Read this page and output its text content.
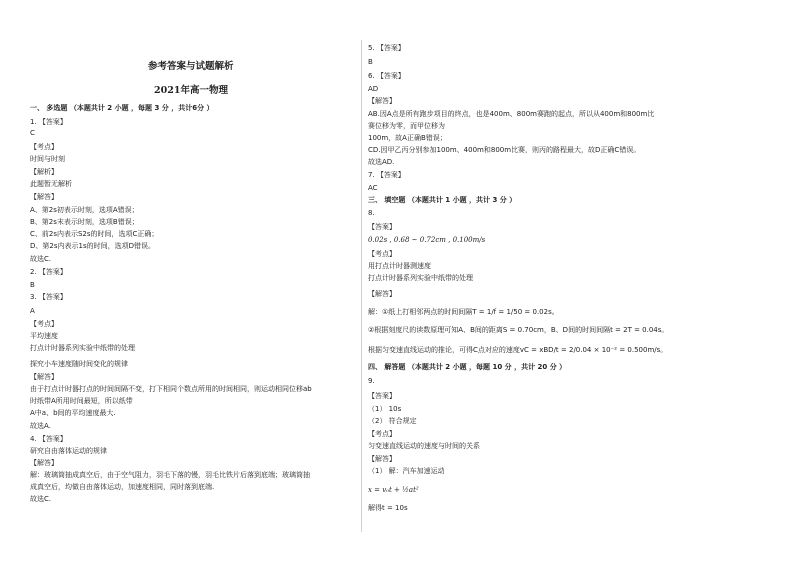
参考答案与试题解析
2021年高一物理
一、 多选题 （本题共计 2 小题 ，每题 3 分 ，共计6分 ）
1. 【答案】
C
【考点】
时间与时刻
【解析】
此题暂无解析
【解答】
A、第2s初表示时刻，选项A错误；
B、第2s末表示时刻，选项B错误；
C、前2s内表示S2s的时间，选项C正确；
D、第2s内表示1s的时间，选项D错误。
故选C.
2. 【答案】
B
3. 【答案】
A
【考点】
平均速度
打点计时器系列实验中纸带的处理
探究小车速度随时间变化的规律
【解答】
由于打点计时器打点的时间间隔不变，打下相同个数点所用的时间相同，则运动相同位移ab
时纸带A所用时间最短，所以纸带
A中a、b间的平均速度最大.
故选A.
4. 【答案】
研究自由落体运动的规律
【解答】
解：玻璃筒抽成真空后，由于空气阻力，羽毛下落的慢，羽毛比铁片后落到底端；玻璃筒抽
成真空后，均做自由落体运动，加速度相同，同时落到底端.
故选C.
5. 【答案】
B
6. 【答案】
AD
【解答】
AB.因A点是所有跑步项目的终点，也是400m、800m赛跑的起点，所以从400m和800m比
赛位移为零，而甲位移为
100m，故A正确B错误；
CD.因甲乙丙分别参加100m、400m和800m比赛，则丙的路程最大，故D正确C错误。
故选AD.
7. 【答案】
AC
三、 填空题 （本题共计 1 小题 ，共计 3 分 ）
8.
【答案】
0.02s , 0.68 ~ 0.72cm , 0.100m/s
【考点】
用打点计时器测速度
打点计时器系列实验中纸带的处理
【解答】
解：①纸上打相邻两点的时间间隔T = 1/f = 1/50 = 0.02s。
②根据刻度尺的读数原理可知A、B间的距离S = 0.70cm，B、D间的时间间隔t = 2T = 0.04s。
根据匀变速直线运动的推论，可得C点对应的速度vC = xBD/t = 2/0.04 × 10⁻² = 0.500m/s。
四、 解答题 （本题共计 2 小题 ，每题 10 分 ，共计 20 分 ）
9.
【答案】
（1） 10s
（2） 符合规定
【考点】
匀变速直线运动的速度与时间的关系
【解答】
（1） 解：汽车加速运动
x = v₀t + ½at²
解得t = 10s
